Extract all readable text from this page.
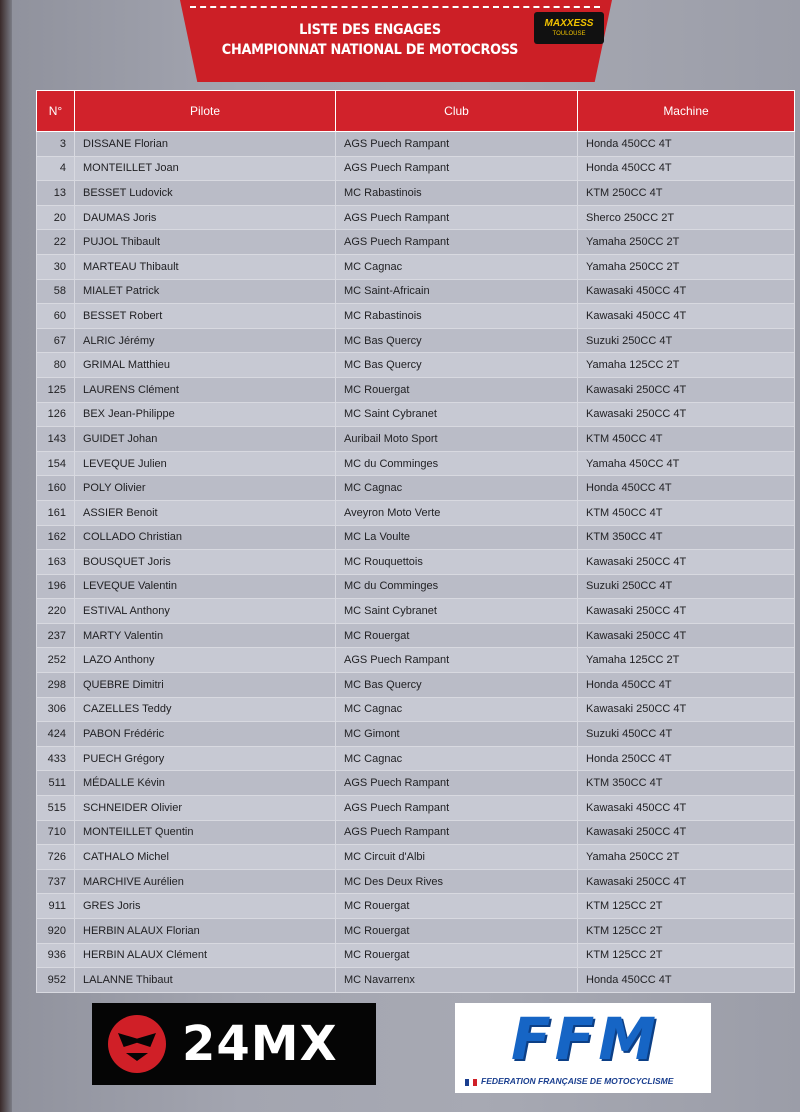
LISTE DES ENGAGES
CHAMPIONNAT NATIONAL DE MOTOCROSS
MAXXESS
TOULOUSE
N°	Pilote	Club	Machine
3	DISSANE Florian	AGS Puech Rampant	Honda 450CC 4T
4	MONTEILLET Joan	AGS Puech Rampant	Honda 450CC 4T
13	BESSET Ludovick	MC Rabastinois	KTM 250CC 4T
20	DAUMAS Joris	AGS Puech Rampant	Sherco 250CC 2T
22	PUJOL Thibault	AGS Puech Rampant	Yamaha 250CC 2T
30	MARTEAU Thibault	MC Cagnac	Yamaha 250CC 2T
58	MIALET Patrick	MC Saint-Africain	Kawasaki 450CC 4T
60	BESSET Robert	MC Rabastinois	Kawasaki 450CC 4T
67	ALRIC Jérémy	MC Bas Quercy	Suzuki 250CC 4T
80	GRIMAL Matthieu	MC Bas Quercy	Yamaha 125CC 2T
125	LAURENS Clément	MC Rouergat	Kawasaki 250CC 4T
126	BEX Jean-Philippe	MC Saint Cybranet	Kawasaki 250CC 4T
143	GUIDET Johan	Auribail Moto Sport	KTM 450CC 4T
154	LEVEQUE Julien	MC du Comminges	Yamaha 450CC 4T
160	POLY Olivier	MC Cagnac	Honda 450CC 4T
161	ASSIER Benoit	Aveyron Moto Verte	KTM 450CC 4T
162	COLLADO Christian	MC La Voulte	KTM 350CC 4T
163	BOUSQUET Joris	MC Rouquettois	Kawasaki 250CC 4T
196	LEVEQUE Valentin	MC du Comminges	Suzuki 250CC 4T
220	ESTIVAL Anthony	MC Saint Cybranet	Kawasaki 250CC 4T
237	MARTY Valentin	MC Rouergat	Kawasaki 250CC 4T
252	LAZO Anthony	AGS Puech Rampant	Yamaha 125CC 2T
298	QUEBRE Dimitri	MC Bas Quercy	Honda 450CC 4T
306	CAZELLES Teddy	MC Cagnac	Kawasaki 250CC 4T
424	PABON Frédéric	MC Gimont	Suzuki 450CC 4T
433	PUECH Grégory	MC Cagnac	Honda 250CC 4T
511	MÉDALLE Kévin	AGS Puech Rampant	KTM 350CC 4T
515	SCHNEIDER Olivier	AGS Puech Rampant	Kawasaki 450CC 4T
710	MONTEILLET Quentin	AGS Puech Rampant	Kawasaki 250CC 4T
726	CATHALO Michel	MC Circuit d'Albi	Yamaha 250CC 2T
737	MARCHIVE Aurélien	MC Des Deux Rives	Kawasaki 250CC 4T
911	GRES Joris	MC Rouergat	KTM 125CC 2T
920	HERBIN ALAUX Florian	MC Rouergat	KTM 125CC 2T
936	HERBIN ALAUX Clément	MC Rouergat	KTM 125CC 2T
952	LALANNE Thibaut	MC Navarrenx	Honda 450CC 4T
24MX	FFM
FEDERATION FRANÇAISE DE MOTOCYCLISME
